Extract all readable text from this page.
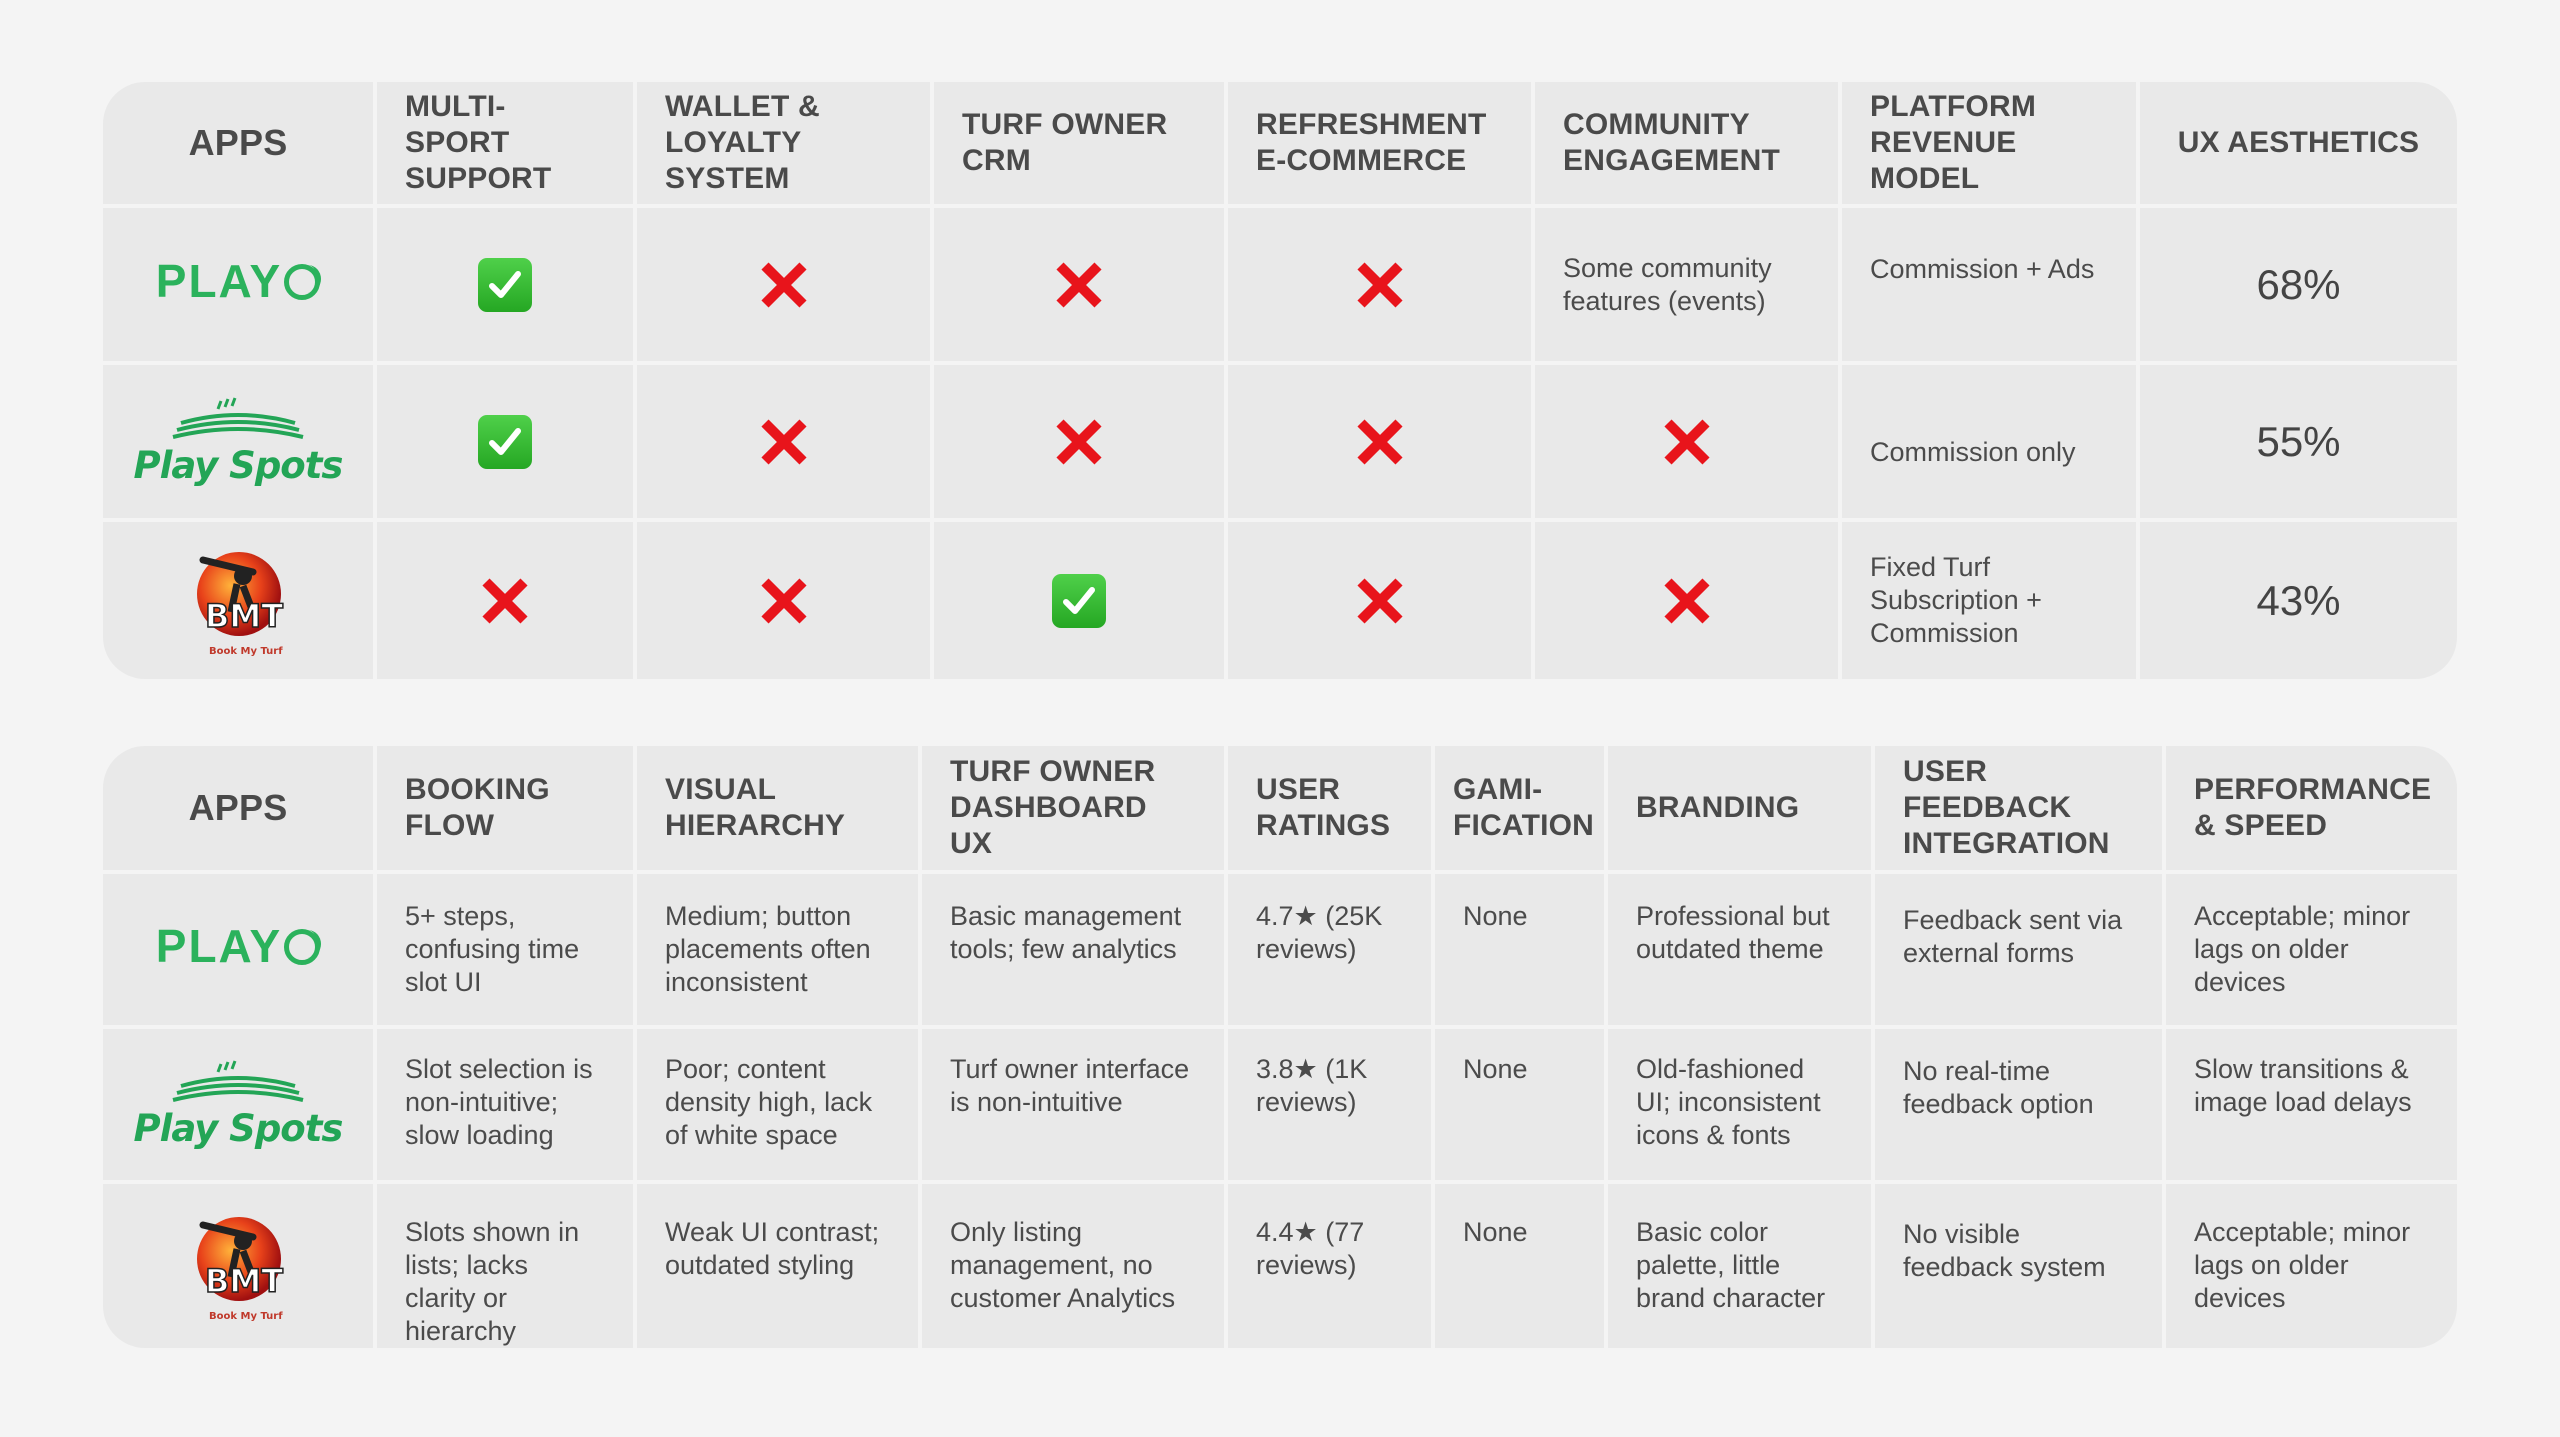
APPS	MULTI-SPORT SUPPORT	WALLET & LOYALTY SYSTEM	TURF OWNER CRM	REFRESHMENT E-COMMERCE	COMMUNITY ENGAGEMENT	PLATFORM REVENUE MODEL	UX AESTHETICS

PLAY					Some community features (events)	Commission + Ads	68%

Play Spots						Commission only	55%

BMT
Book My Turf						Fixed Turf Subscription + Commission	43%
APPS	BOOKING FLOW	VISUAL HIERARCHY	TURF OWNER DASHBOARD UX	USER RATINGS	GAMI- FICATION	BRANDING	USER FEEDBACK INTEGRATION	PERFORMANCE & SPEED

PLAY	5+ steps, confusing time slot UI	Medium; button placements often inconsistent	Basic management tools; few analytics	4.7★ (25K reviews)	None	Professional but outdated theme	Feedback sent via external forms	Acceptable; minor lags on older devices

Play Spots	Slot selection is non-intuitive; slow loading	Poor; content density high, lack of white space	Turf owner interface is non-intuitive	3.8★ (1K reviews)	None	Old-fashioned UI; inconsistent icons & fonts	No real-time feedback option	Slow transitions & image load delays

BMT
Book My Turf	Slots shown in lists; lacks clarity or hierarchy	Weak UI contrast; outdated styling	Only listing management, no customer Analytics	4.4★ (77 reviews)	None	Basic color palette, little brand character	No visible feedback system	Acceptable; minor lags on older devices
